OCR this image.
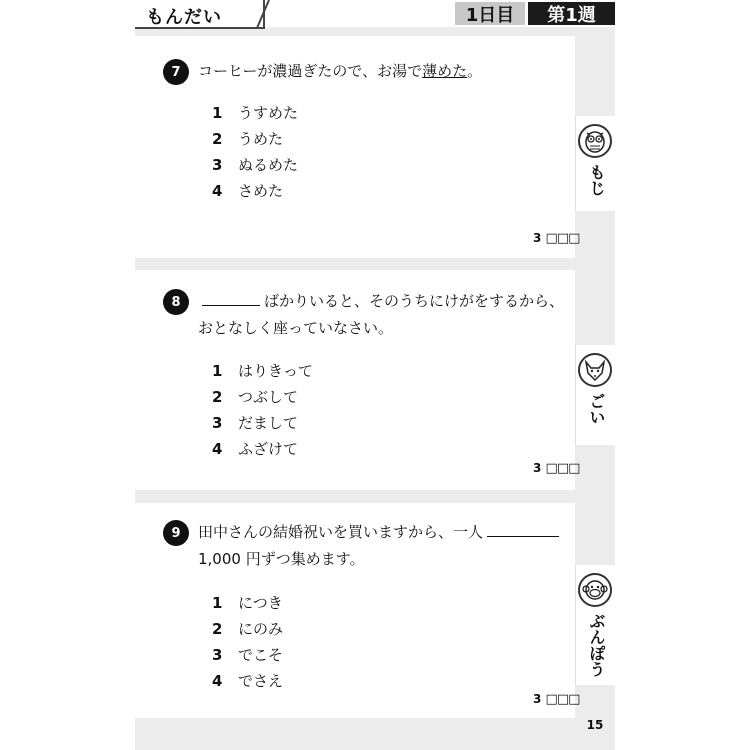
もんだい	1日目	第1週
もじ
7	コーヒーが濃過ぎたので、お湯で薄めた。
1 うすめた
2 うめた
3 ぬるめた
4 さめた
3 □□□
ごい
8	ばかりいると、そのうちにけがをするから、
おとなしく座っていなさい。
1 はりきって
2 つぶして
3 だまして
4 ふざけて
3 □□□
ぶんぽう
9	田中さんの結婚祝いを買いますから、一人
1,000 円ずつ集めます。
1 につき
2 にのみ
3 でこそ
4 でさえ
3 □□□
15
